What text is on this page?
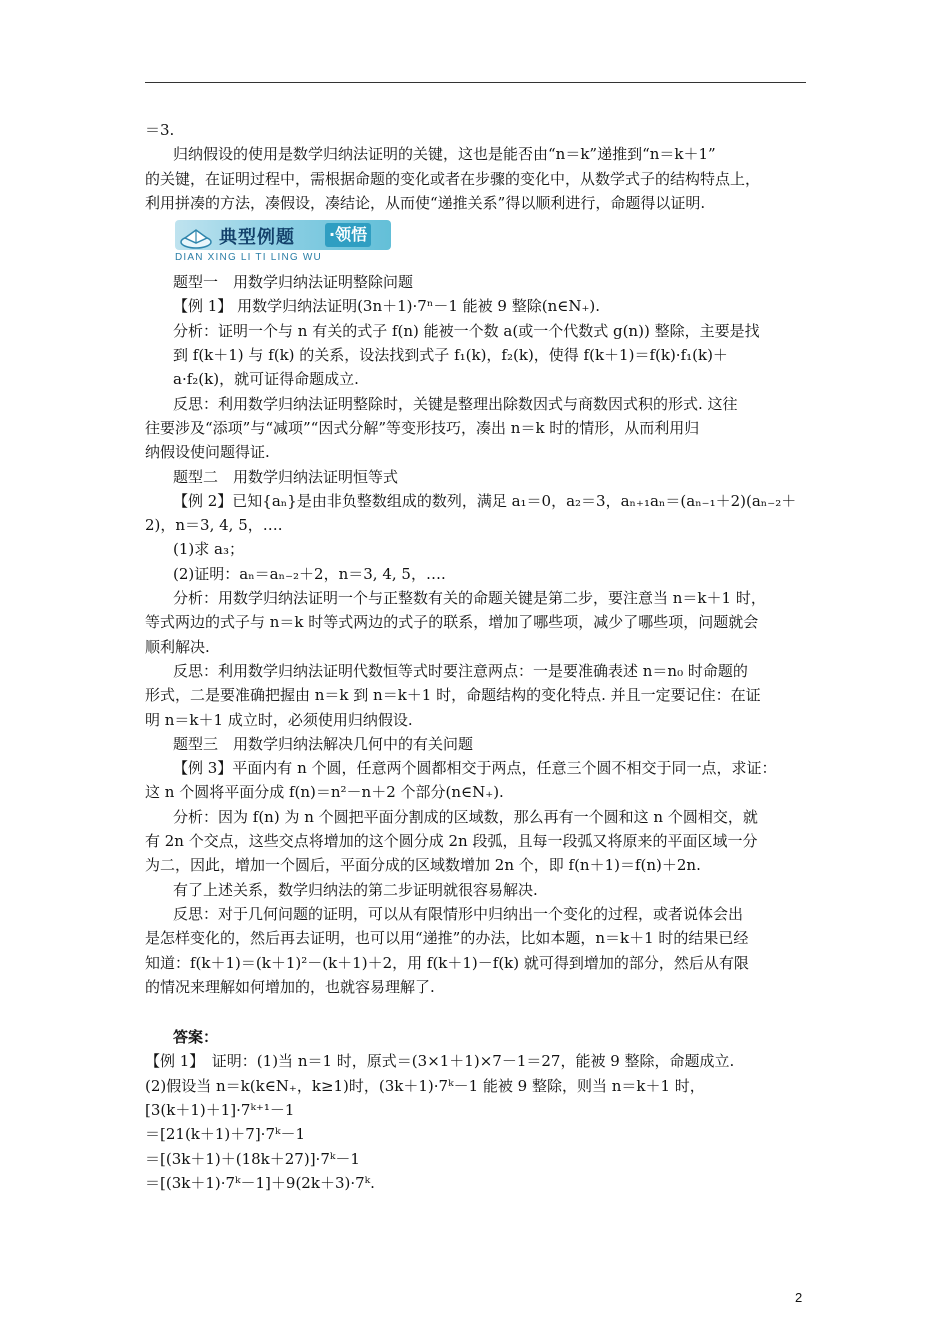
＝3.
归纳假设的使用是数学归纳法证明的关键，这也是能否由“n＝k”递推到“n＝k＋1”
的关键，在证明过程中，需根据命题的变化或者在步骤的变化中，从数学式子的结构特点上，
利用拼凑的方法，凑假设，凑结论，从而使“递推关系”得以顺利进行，命题得以证明.
典型例题 ·领悟
DIAN XING LI TI LING WU
题型一　用数学归纳法证明整除问题
【例 1】 用数学归纳法证明(3n＋1)·7ⁿ－1 能被 9 整除(n∈N₊).
分析：证明一个与 n 有关的式子 f(n) 能被一个数 a(或一个代数式 g(n)) 整除，主要是找
到 f(k＋1) 与 f(k) 的关系，设法找到式子 f₁(k)，f₂(k)，使得 f(k＋1)＝f(k)·f₁(k)＋
a·f₂(k)，就可证得命题成立.
反思：利用数学归纳法证明整除时，关键是整理出除数因式与商数因式积的形式. 这往
往要涉及“添项”与“减项”“因式分解”等变形技巧，凑出 n＝k 时的情形，从而利用归
纳假设使问题得证.
题型二　用数学归纳法证明恒等式
【例 2】已知{aₙ}是由非负整数组成的数列，满足 a₁＝0，a₂＝3，aₙ₊₁aₙ＝(aₙ₋₁＋2)(aₙ₋₂＋
2)，n＝3, 4, 5，….
(1)求 a₃；
(2)证明：aₙ＝aₙ₋₂＋2，n＝3, 4, 5，….
分析：用数学归纳法证明一个与正整数有关的命题关键是第二步，要注意当 n＝k＋1 时，
等式两边的式子与 n＝k 时等式两边的式子的联系，增加了哪些项，减少了哪些项，问题就会
顺利解决.
反思：利用数学归纳法证明代数恒等式时要注意两点：一是要准确表述 n＝n₀ 时命题的
形式，二是要准确把握由 n＝k 到 n＝k＋1 时，命题结构的变化特点. 并且一定要记住：在证
明 n＝k＋1 成立时，必须使用归纳假设.
题型三　用数学归纳法解决几何中的有关问题
【例 3】平面内有 n 个圆，任意两个圆都相交于两点，任意三个圆不相交于同一点，求证：
这 n 个圆将平面分成 f(n)＝n²－n＋2 个部分(n∈N₊).
分析：因为 f(n) 为 n 个圆把平面分割成的区域数，那么再有一个圆和这 n 个圆相交，就
有 2n 个交点，这些交点将增加的这个圆分成 2n 段弧，且每一段弧又将原来的平面区域一分
为二，因此，增加一个圆后，平面分成的区域数增加 2n 个，即 f(n＋1)＝f(n)＋2n.
有了上述关系，数学归纳法的第二步证明就很容易解决.
反思：对于几何问题的证明，可以从有限情形中归纳出一个变化的过程，或者说体会出
是怎样变化的，然后再去证明，也可以用“递推”的办法，比如本题，n＝k＋1 时的结果已经
知道：f(k＋1)＝(k＋1)²－(k＋1)＋2，用 f(k＋1)－f(k) 就可得到增加的部分，然后从有限
的情况来理解如何增加的，也就容易理解了.
答案：
【例 1】　证明：(1)当 n＝1 时，原式＝(3×1＋1)×7－1＝27，能被 9 整除，命题成立.
(2)假设当 n＝k(k∈N₊，k≥1)时，(3k＋1)·7ᵏ－1 能被 9 整除，则当 n＝k＋1 时，
[3(k＋1)＋1]·7ᵏ⁺¹－1
＝[21(k＋1)＋7]·7ᵏ－1
＝[(3k＋1)＋(18k＋27)]·7ᵏ－1
＝[(3k＋1)·7ᵏ－1]＋9(2k＋3)·7ᵏ.
2
